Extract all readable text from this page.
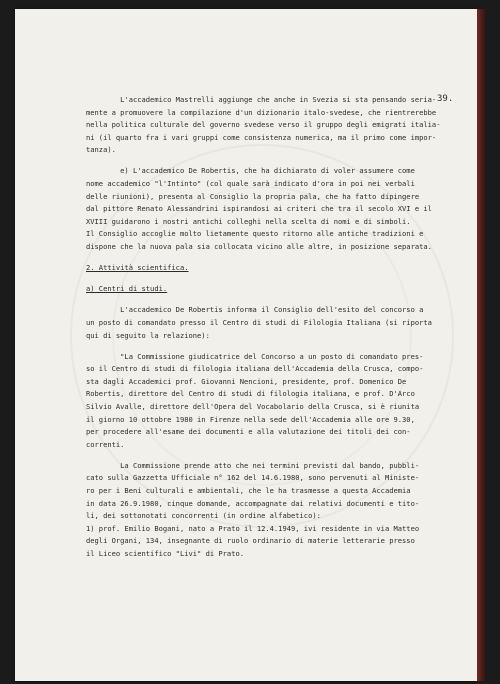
39.
L'accademico Mastrelli aggiunge che anche in Svezia si sta pensando seria-
mente a promuovere la compilazione d'un dizionario italo-svedese, che rientrerebbe
nella politica culturale del governo svedese verso il gruppo degli emigrati italia-
ni (il quarto fra i vari gruppi come consistenza numerica, ma il primo come impor-
tanza).
e) L'accademico De Robertis, che ha dichiarato di voler assumere come
nome accademico "l'Intinto" (col quale sarà indicato d'ora in poi nei verbali
delle riunioni), presenta al Consiglio la propria pala, che ha fatto dipingere
dal pittore Renato Alessandrini ispirandosi ai criteri che tra il secolo XVI e il
XVIII guidarono i nostri antichi colleghi nella scelta di nomi e di simboli.
Il Consiglio accoglie molto lietamente questo ritorno alle antiche tradizioni e
dispone che la nuova pala sia collocata vicino alle altre, in posizione separata.
2. Attività scientifica.
a) Centri di studi.
L'accademico De Robertis informa il Consiglio dell'esito del concorso a
un posto di comandato presso il Centro di studi di Filologia Italiana (si riporta
qui di seguito la relazione):
"La Commissione giudicatrice del Concorso a un posto di comandato pres-
so il Centro di studi di filologia italiana dell'Accademia della Crusca, compo-
sta dagli Accademici prof. Giovanni Nencioni, presidente, prof. Domenico De
Robertis, direttore del Centro di studi di filologia italiana, e prof. D'Arco
Silvio Avalle, direttore dell'Opera del Vocabolario della Crusca, si è riunita
il giorno 10 ottobre 1980 in Firenze nella sede dell'Accademia alle ore 9.30,
per procedere all'esame dei documenti e alla valutazione dei titoli dei con-
correnti.
La Commissione prende atto che nei termini previsti dal bando, pubbli-
cato sulla Gazzetta Ufficiale n° 162 del 14.6.1980, sono pervenuti al Ministe-
ro per i Beni culturali e ambientali, che le ha trasmesse a questa Accademia
in data 26.9.1980, cinque domande, accompagnate dai relativi documenti e tito-
li, dei sottonotati concorrenti (in ordine alfabetico):
1) prof. Emilio Bogani, nato a Prato il 12.4.1949, ivi residente in via Matteo
degli Organi, 134, insegnante di ruolo ordinario di materie letterarie presso
il Liceo scientifico "Livi" di Prato.
